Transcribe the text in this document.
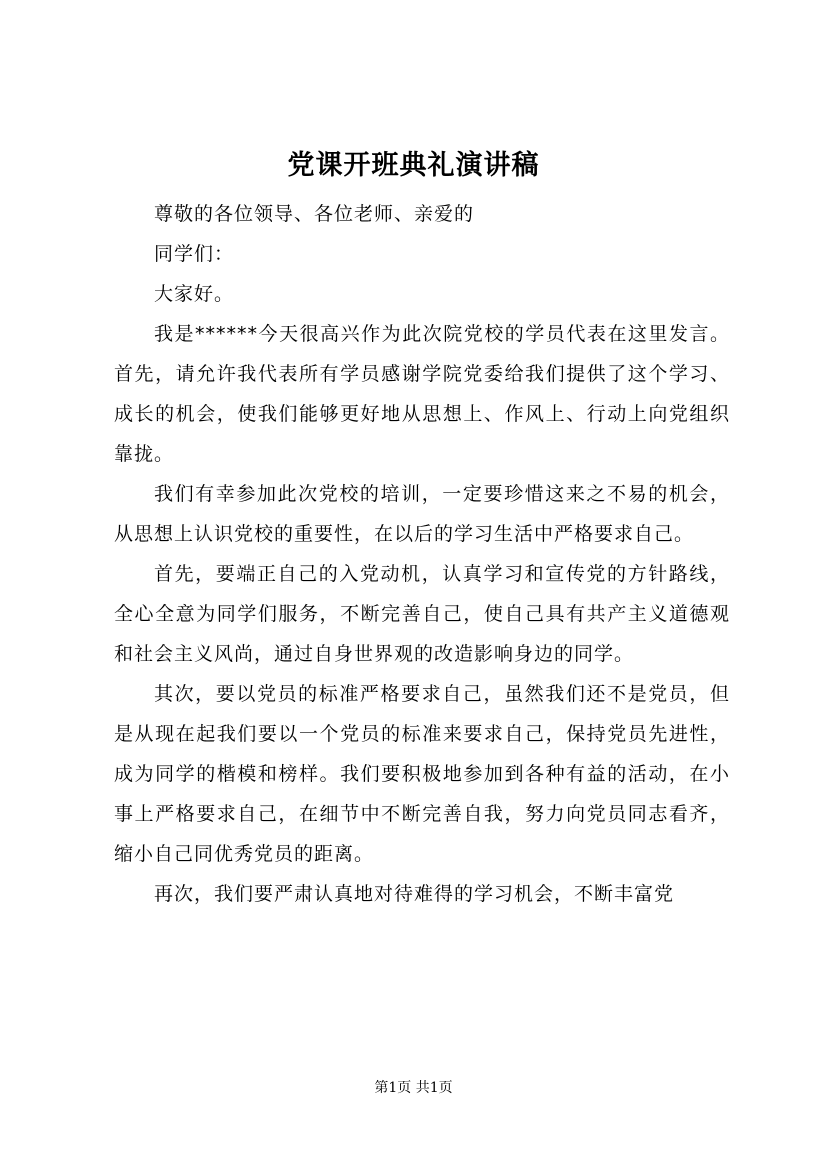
党课开班典礼演讲稿

尊敬的各位领导、各位老师、亲爱的

同学们：

大家好。

我是******今天很高兴作为此次院党校的学员代表在这里发言。首先，请允许我代表所有学员感谢学院党委给我们提供了这个学习、成长的机会，使我们能够更好地从思想上、作风上、行动上向党组织靠拢。

我们有幸参加此次党校的培训，一定要珍惜这来之不易的机会，从思想上认识党校的重要性，在以后的学习生活中严格要求自己。

首先，要端正自己的入党动机，认真学习和宣传党的方针路线，全心全意为同学们服务，不断完善自己，使自己具有共产主义道德观和社会主义风尚，通过自身世界观的改造影响身边的同学。

其次，要以党员的标准严格要求自己，虽然我们还不是党员，但是从现在起我们要以一个党员的标准来要求自己，保持党员先进性，成为同学的楷模和榜样。我们要积极地参加到各种有益的活动，在小事上严格要求自己，在细节中不断完善自我，努力向党员同志看齐，缩小自己同优秀党员的距离。

再次，我们要严肃认真地对待难得的学习机会，不断丰富党

第1页 共1页
